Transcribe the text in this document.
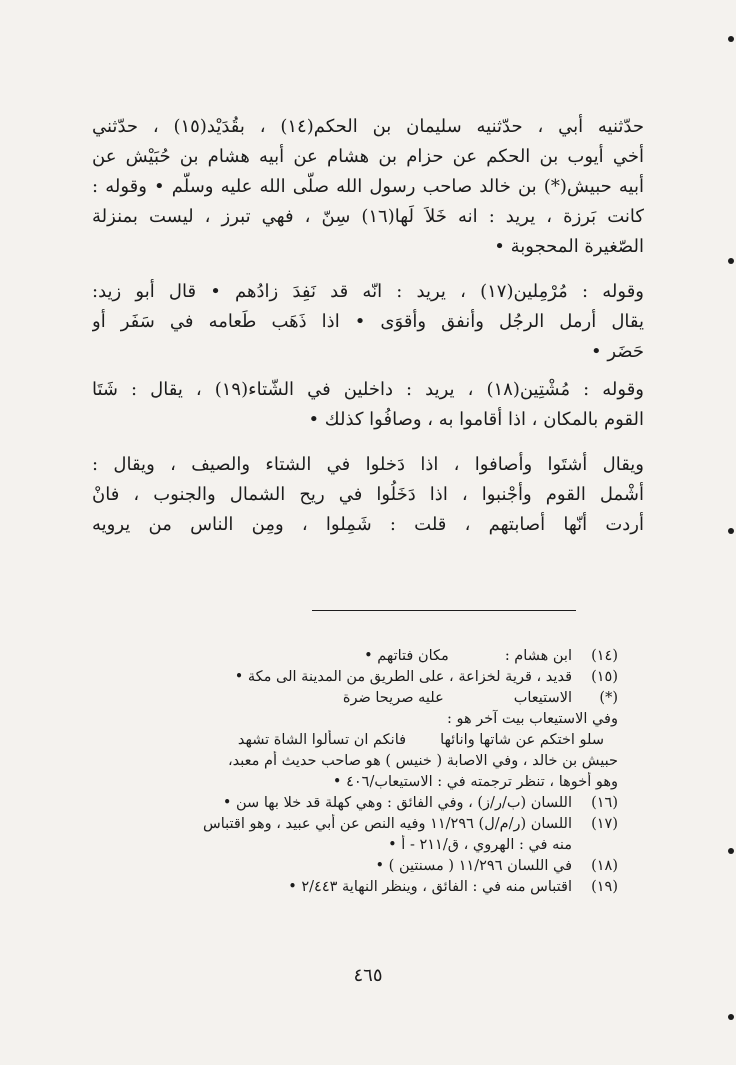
حدّثنيه أبي ، حدّثنيه سليمان بن الحكم(١٤) ، بقُدَيْد(١٥) ، حدّثني
أخي أيوب بن الحكم عن حزام بن هشام عن أبيه هشام بن حُبَيْش عن
أبيه حبيش(*) بن خالد صاحب رسول الله صلّى الله عليه وسلّم • وقوله :
كانت بَرزة ، يريد : انه خَلاَ لَها(١٦) سِنّ ، فهي تبرز ، ليست بمنزلة
الصّغيرة المحجوبة •
وقوله : مُرْمِلين(١٧) ، يريد : انّه قد نَفِدَ زادُهم • قال أبو زيد:
يقال أرمل الرجُل وأنفق وأقوَى • اذا ذَهَب طَعامه في سَفَر أو
حَضَر •
وقوله : مُشْتِين(١٨) ، يريد : داخلين في الشّتاء(١٩) ، يقال : شَتَا
القوم بالمكان ، اذا أقاموا به ، وصافُوا كذلك •
ويقال أشتَوا وأصافوا ، اذا دَخلوا في الشتاء والصيف ، ويقال :
أشْمل القوم وأجْنبوا ، اذا دَخَلُوا في ريح الشمال والجنوب ، فانْ
أردت أنّها أصابتهم ، قلت : شَمِلوا ، ومِن الناس من يرويه
(١٤)
ابن هشام :مكان فتاتهم •
(١٥)
قديد ، قرية لخزاعة ، على الطريق من المدينة الى مكة •
(*)
الاستيعابعليه صريحا ضرة
وفي الاستيعاب بيت آخر هو :
سلو اختكم عن شاتها وانائهافانكم ان تسألوا الشاة تشهد
حبيش بن خالد ، وفي الاصابة ( خنيس ) هو صاحب حديث أم معبد،
وهو أخوها ، تنظر ترجمته في : الاستيعاب/٤٠٦ •
(١٦)
اللسان (ب/ر/ز) ، وفي الفائق : وهي كهلة قد خلا بها سن •
(١٧)
اللسان (ر/م/ل) ١١/٢٩٦ وفيه النص عن أبي عبيد ، وهو اقتباس
منه في : الهروي ، ق/٢١١ - أ •
(١٨)
في اللسان ١١/٢٩٦ ( مسنتين ) •
(١٩)
اقتباس منه في : الفائق ، وينظر النهاية ٢/٤٤٣ •
٤٦٥
